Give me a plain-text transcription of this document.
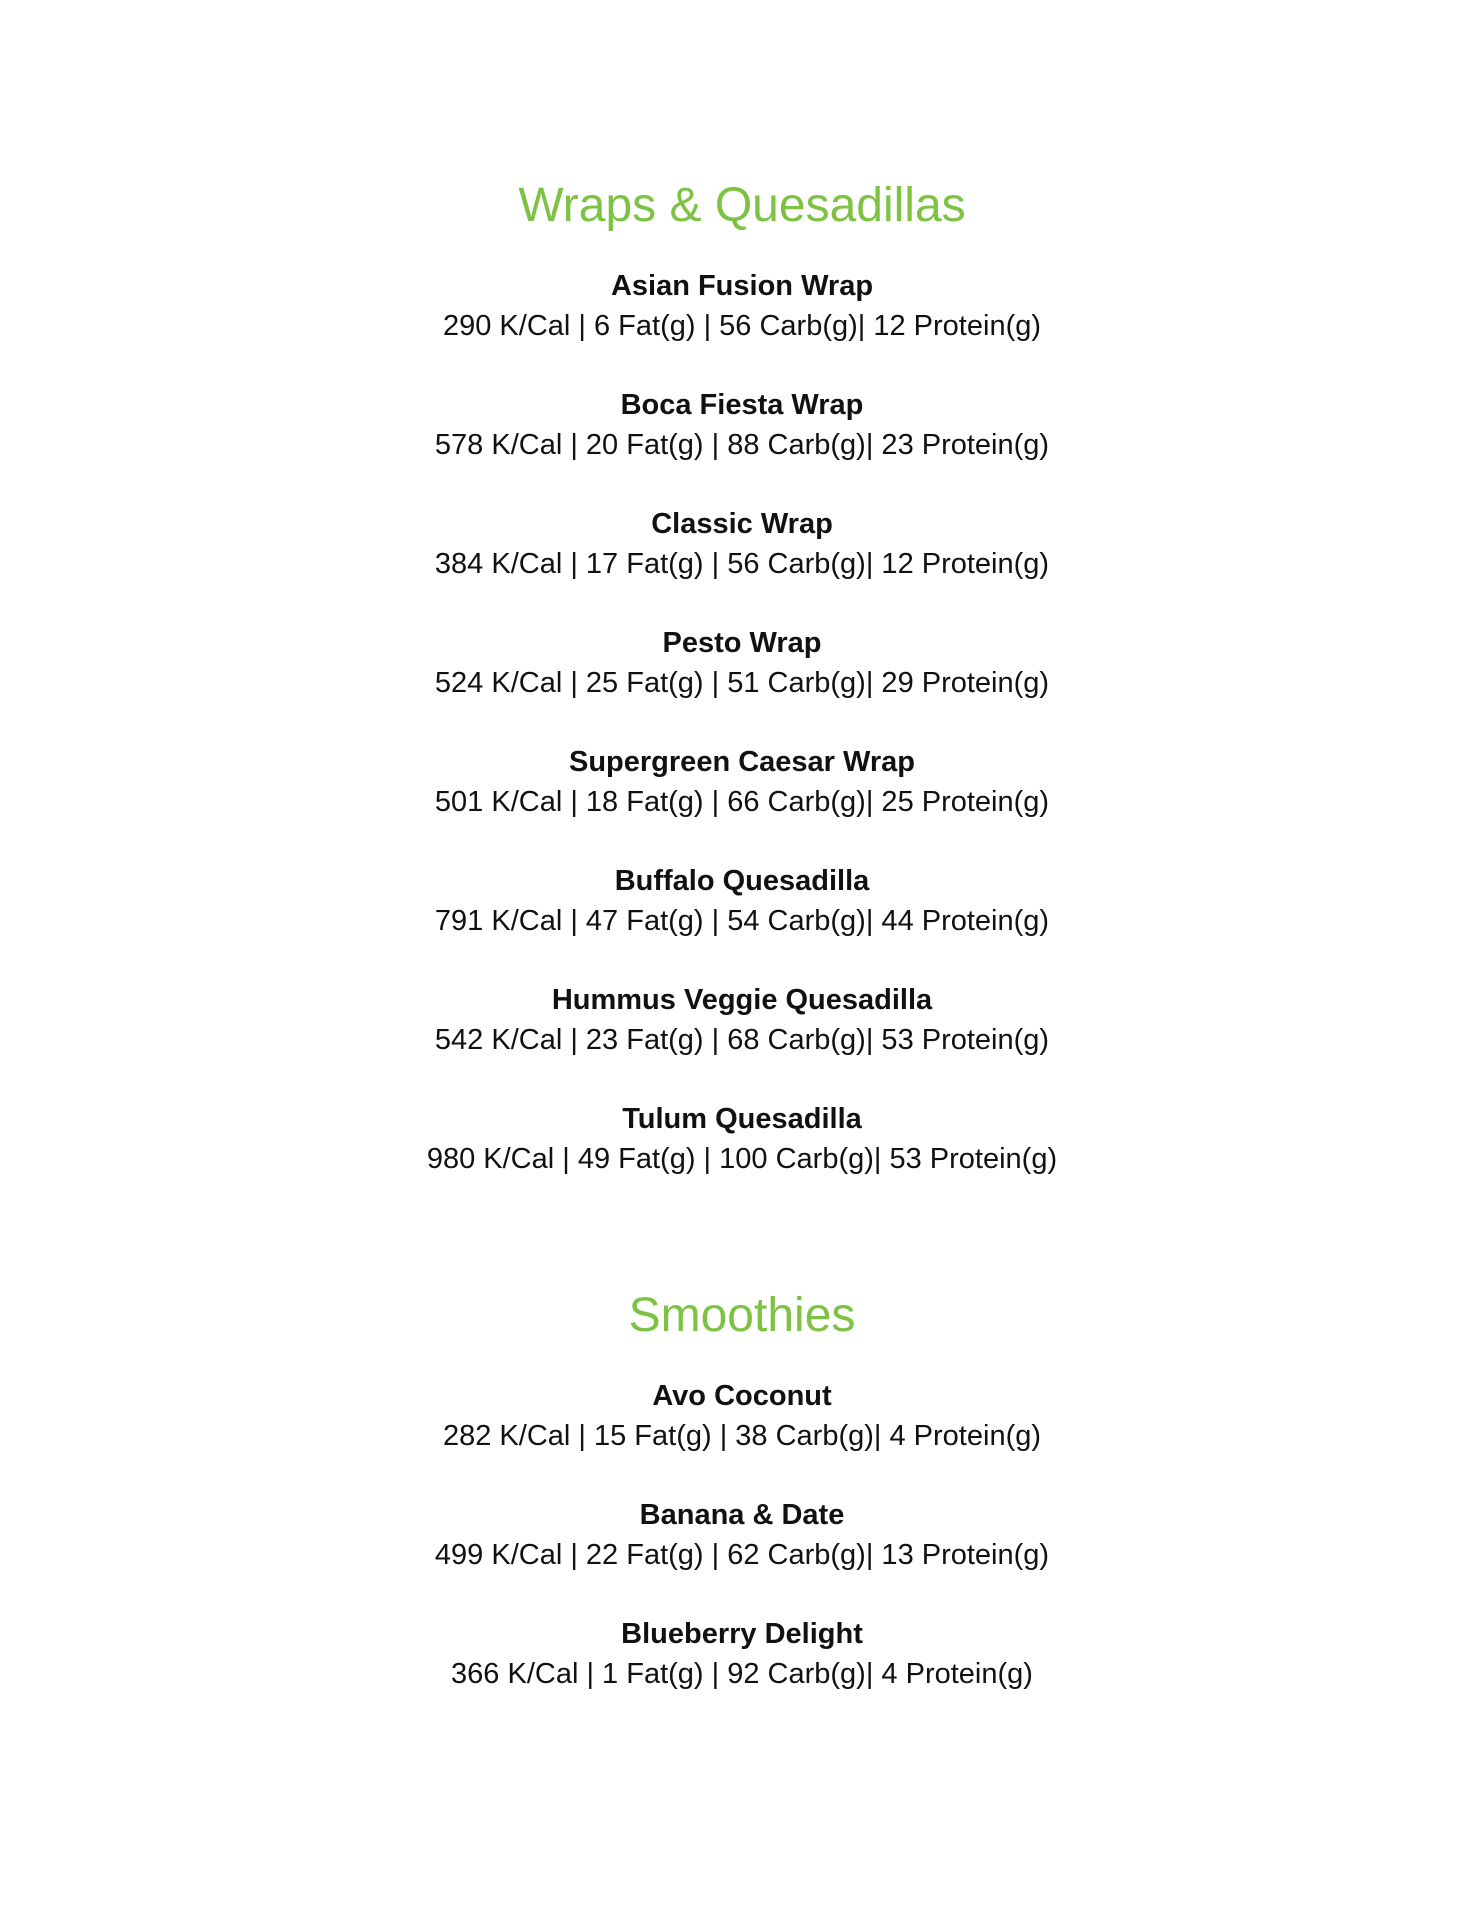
Wraps & Quesadillas
Asian Fusion Wrap
290 K/Cal | 6 Fat(g) | 56 Carb(g)| 12 Protein(g)
Boca Fiesta Wrap
578 K/Cal | 20 Fat(g) | 88 Carb(g)| 23 Protein(g)
Classic Wrap
384 K/Cal | 17 Fat(g) | 56 Carb(g)| 12 Protein(g)
Pesto Wrap
524 K/Cal | 25 Fat(g) | 51 Carb(g)| 29 Protein(g)
Supergreen Caesar Wrap
501 K/Cal | 18 Fat(g) | 66 Carb(g)| 25 Protein(g)
Buffalo Quesadilla
791 K/Cal | 47 Fat(g) | 54 Carb(g)| 44 Protein(g)
Hummus Veggie Quesadilla
542 K/Cal | 23 Fat(g) | 68 Carb(g)| 53 Protein(g)
Tulum Quesadilla
980 K/Cal | 49 Fat(g) | 100 Carb(g)| 53 Protein(g)
Smoothies
Avo Coconut
282 K/Cal | 15 Fat(g) | 38 Carb(g)| 4 Protein(g)
Banana & Date
499 K/Cal | 22 Fat(g) | 62 Carb(g)| 13 Protein(g)
Blueberry Delight
366 K/Cal | 1 Fat(g) | 92 Carb(g)| 4 Protein(g)
